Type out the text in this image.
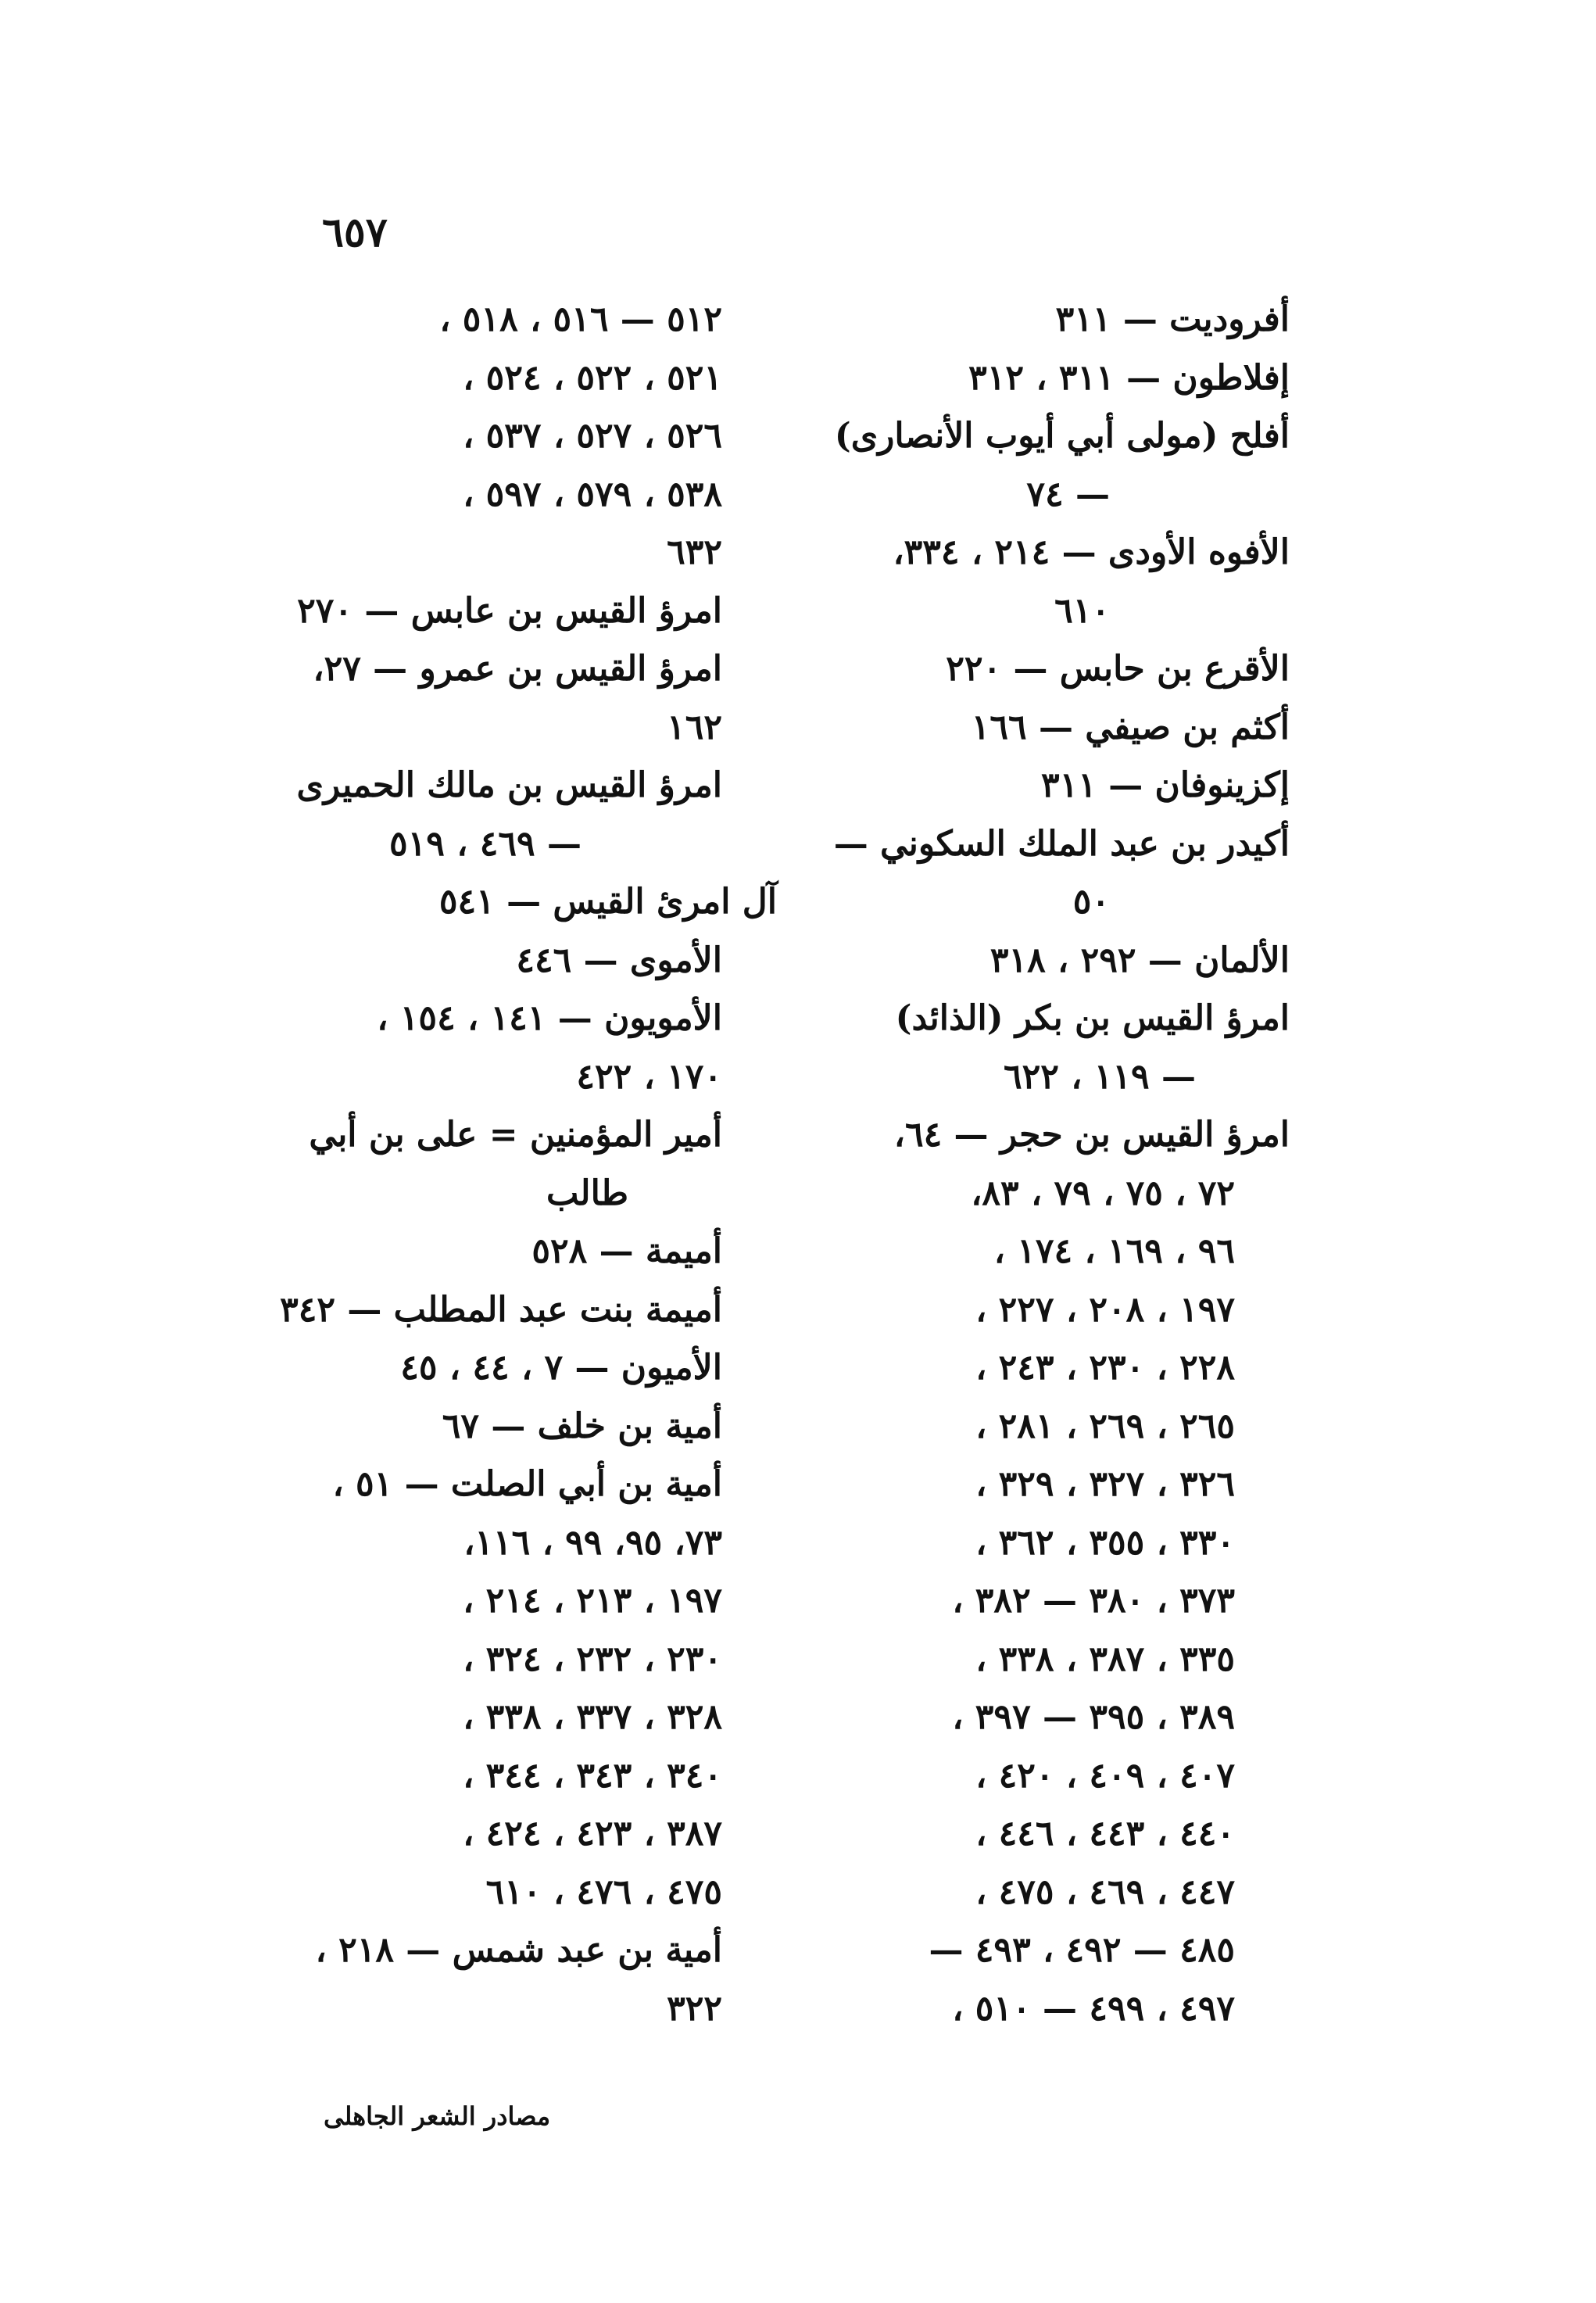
٦٥٧
أفروديت — ٣١١
إفلاطون — ٣١١ ، ٣١٢
أفلح (مولى أبي أيوب الأنصارى)
— ٧٤
الأفوه الأودى — ٢١٤ ، ٣٣٤،
٦١٠
الأقرع بن حابس — ٢٢٠
أكثم بن صيفي — ١٦٦
إكزينوفان — ٣١١
أكيدر بن عبد الملك السكوني —
٥٠
الألمان — ٢٩٢ ، ٣١٨
امرؤ القيس بن بكر (الذائد)
— ١١٩ ، ٦٢٢
امرؤ القيس بن حجر — ٦٤،
٧٢ ، ٧٥ ، ٧٩ ، ٨٣،
٩٦ ، ١٦٩ ، ١٧٤ ،
١٩٧ ، ٢٠٨ ، ٢٢٧ ،
٢٢٨ ، ٢٣٠ ، ٢٤٣ ،
٢٦٥ ، ٢٦٩ ، ٢٨١ ،
٣٢٦ ، ٣٢٧ ، ٣٢٩ ،
٣٣٠ ، ٣٥٥ ، ٣٦٢ ،
٣٧٣ ، ٣٨٠ — ٣٨٢ ،
٣٣٥ ، ٣٨٧ ، ٣٣٨ ،
٣٨٩ ، ٣٩٥ — ٣٩٧ ،
٤٠٧ ، ٤٠٩ ، ٤٢٠ ،
٤٤٠ ، ٤٤٣ ، ٤٤٦ ،
٤٤٧ ، ٤٦٩ ، ٤٧٥ ،
٤٨٥ — ٤٩٢ ، ٤٩٣ —
٤٩٧ ، ٤٩٩ — ٥١٠ ،
٥١٢ — ٥١٦ ، ٥١٨ ،
٥٢١ ، ٥٢٢ ، ٥٢٤ ،
٥٢٦ ، ٥٢٧ ، ٥٣٧ ،
٥٣٨ ، ٥٧٩ ، ٥٩٧ ،
٦٣٢
امرؤ القيس بن عابس — ٢٧٠
امرؤ القيس بن عمرو — ٢٧،
١٦٢
امرؤ القيس بن مالك الحميرى
— ٤٦٩ ، ٥١٩
آل امرئ القيس — ٥٤١
الأموى — ٤٤٦
الأمويون — ١٤١ ، ١٥٤ ،
١٧٠ ، ٤٢٢
أمير المؤمنين = على بن أبي
طالب
أميمة — ٥٢٨
أميمة بنت عبد المطلب — ٣٤٢
الأميون — ٧ ، ٤٤ ، ٤٥
أمية بن خلف — ٦٧
أمية بن أبي الصلت — ٥١ ،
٧٣، ٩٥، ٩٩ ، ١١٦،
١٩٧ ، ٢١٣ ، ٢١٤ ،
٢٣٠ ، ٢٣٢ ، ٣٢٤ ،
٣٢٨ ، ٣٣٧ ، ٣٣٨ ،
٣٤٠ ، ٣٤٣ ، ٣٤٤ ،
٣٨٧ ، ٤٢٣ ، ٤٢٤ ،
٤٧٥ ، ٤٧٦ ، ٦١٠
أمية بن عبد شمس — ٢١٨ ،
٣٢٢
مصادر الشعر الجاهلى
